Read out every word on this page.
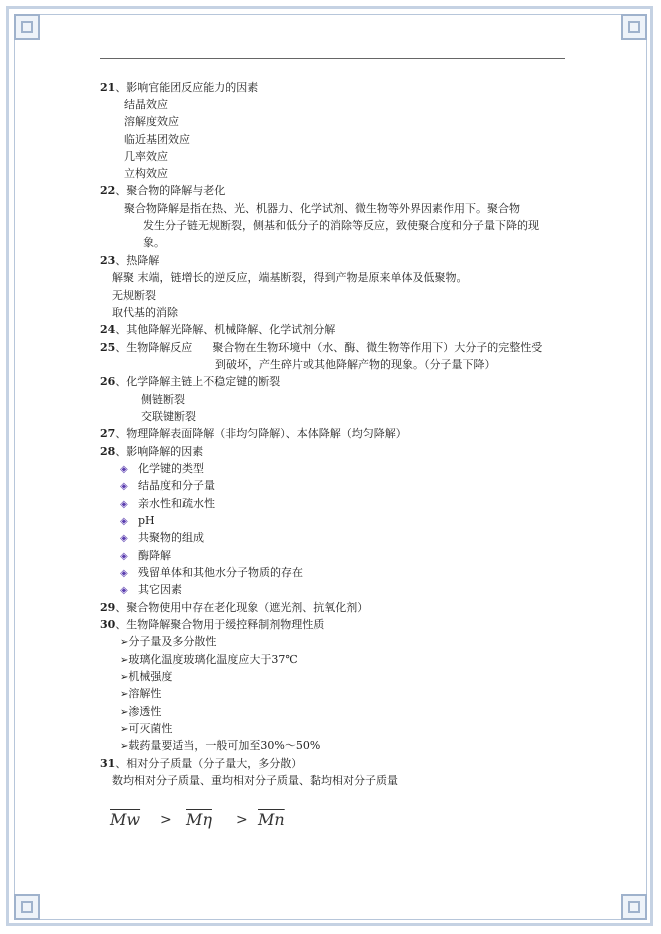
21、影响官能团反应能力的因素
结晶效应
溶解度效应
临近基团效应
几率效应
立构效应
22、聚合物的降解与老化
聚合物降解是指在热、光、机器力、化学试剂、微生物等外界因素作用下。聚合物
发生分子链无规断裂，侧基和低分子的消除等反应，致使聚合度和分子量下降的现
象。
23、热降解
解聚 末端，链增长的逆反应，端基断裂，得到产物是原来单体及低聚物。
无规断裂
取代基的消除
24、其他降解光降解、机械降解、化学试剂分解
25、生物降解反应 聚合物在生物环境中（水、酶、微生物等作用下）大分子的完整性受
到破坏，产生碎片或其他降解产物的现象。（分子量下降）
26、化学降解主链上不稳定键的断裂
侧链断裂
交联键断裂
27、物理降解表面降解（非均匀降解）、本体降解（均匀降解）
28、影响降解的因素
◈ 化学键的类型
◈ 结晶度和分子量
◈ 亲水性和疏水性
◈ pH
◈ 共聚物的组成
◈ 酶降解
◈ 残留单体和其他水分子物质的存在
◈ 其它因素
29、聚合物使用中存在老化现象（遮光剂、抗氧化剂）
30、生物降解聚合物用于缓控释制剂物理性质
➢分子量及多分散性
➢玻璃化温度玻璃化温度应大于37℃
➢机械强度
➢溶解性
➢渗透性
➢可灭菌性
➢载药量要适当，一般可加至30%～50%
31、相对分子质量（分子量大，多分散）
数均相对分子质量、重均相对分子质量、黏均相对分子质量
$\overline{Mw} > \overline{M\eta} > \overline{Mn}$
